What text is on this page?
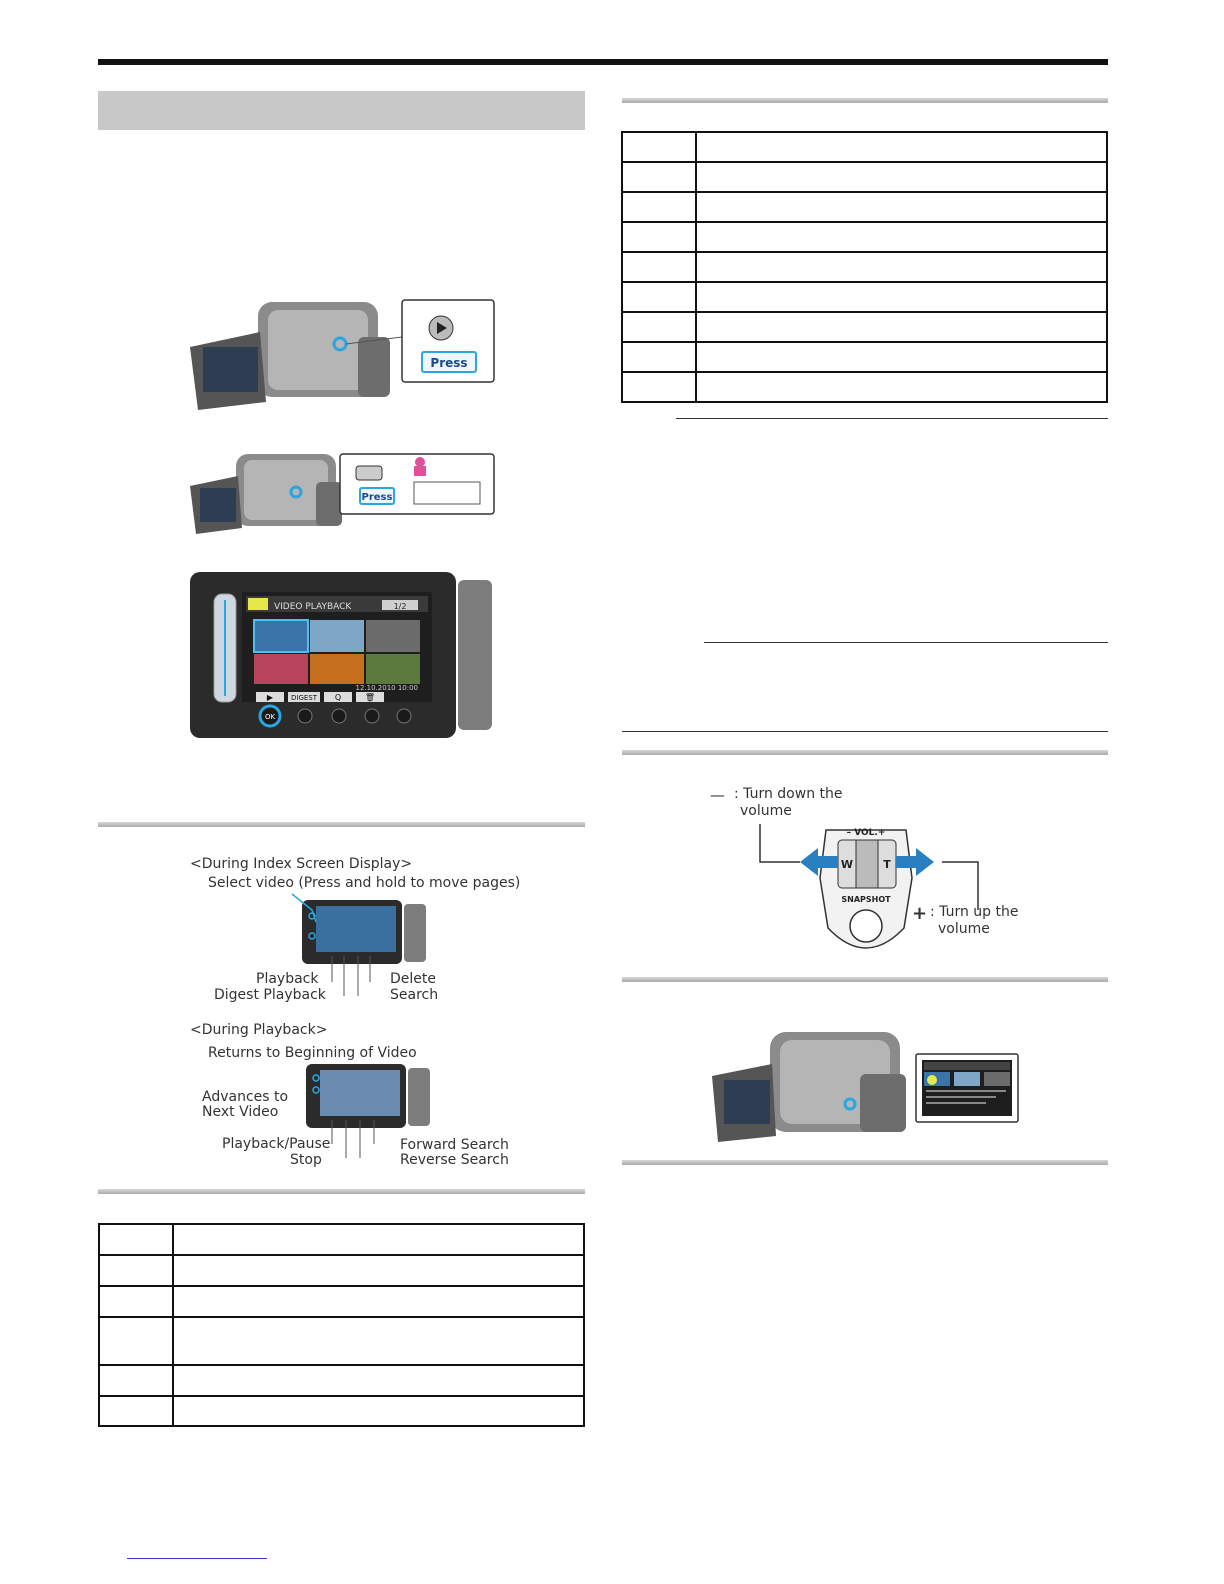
Press
Press
VIDEO PLAYBACK	1/2
12.10.2010 10:00
▶	DIGEST Q	🗑
OK
<During Index Screen Display>
Select video (Press and hold to move pages)
Playback
Digest Playback
Delete
Search
<During Playback>
Returns to Beginning of Video
Advances to
Next Video
Playback/Pause
Stop
Forward Search
Reverse Search

— : Turn down the
volume
– VOL.+
W	T
SNAPSHOT
+ : Turn up the
volume
